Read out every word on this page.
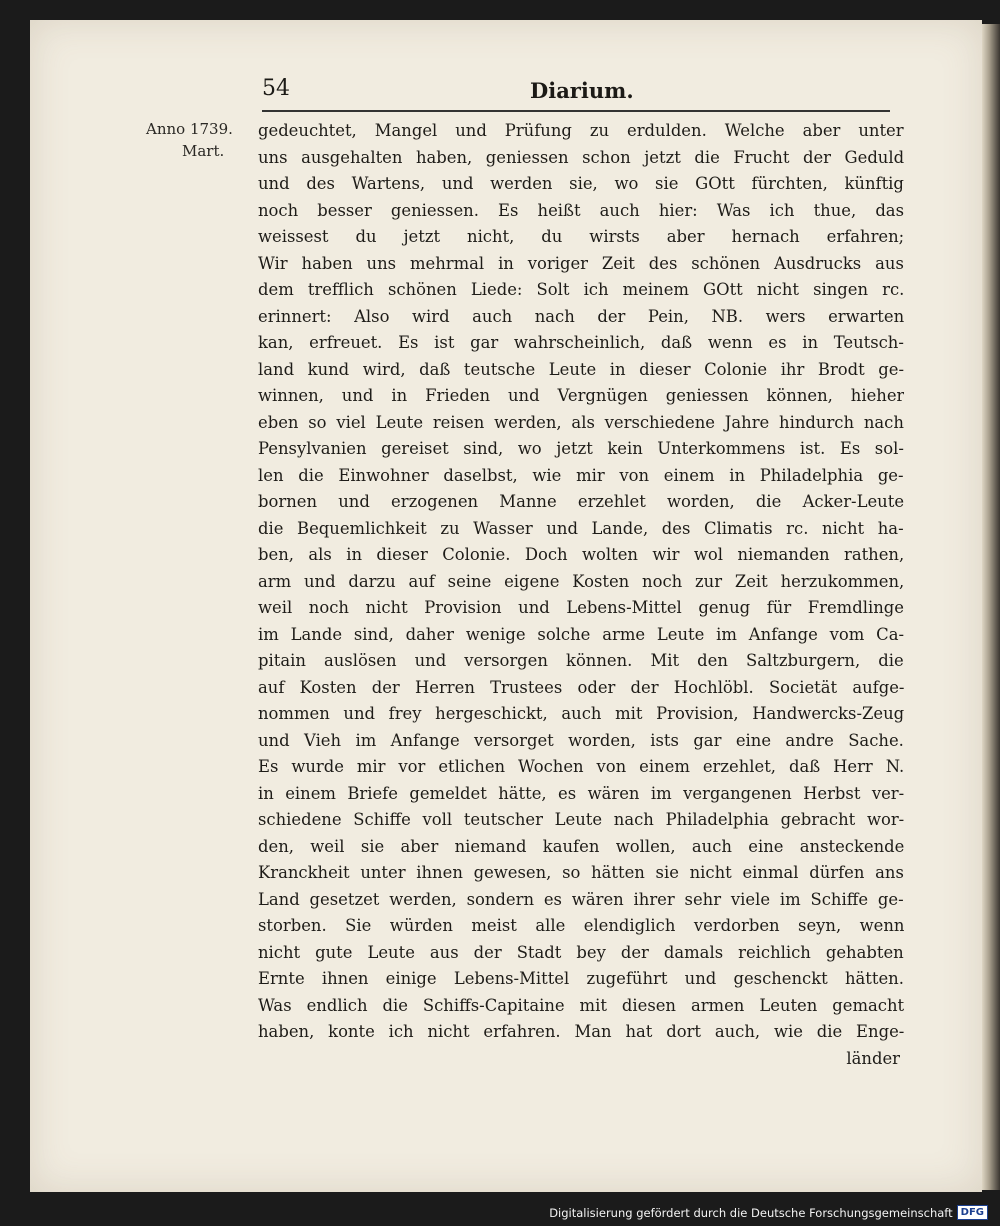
54	Diarium.
Anno 1739.
Mart.
gedeuchtet, Mangel und Prüfung zu erdulden. Welche aber unter
uns ausgehalten haben, geniessen schon jetzt die Frucht der Geduld
und des Wartens, und werden sie, wo sie GOtt fürchten, künftig
noch besser geniessen. Es heißt auch hier: Was ich thue, das
weissest du jetzt nicht, du wirsts aber hernach erfahren;
Wir haben uns mehrmal in voriger Zeit des schönen Ausdrucks aus
dem trefflich schönen Liede: Solt ich meinem GOtt nicht singen rc.
erinnert: Also wird auch nach der Pein, NB. wers erwarten
kan, erfreuet. Es ist gar wahrscheinlich, daß wenn es in Teutsch-
land kund wird, daß teutsche Leute in dieser Colonie ihr Brodt ge-
winnen, und in Frieden und Vergnügen geniessen können, hieher
eben so viel Leute reisen werden, als verschiedene Jahre hindurch nach
Pensylvanien gereiset sind, wo jetzt kein Unterkommens ist. Es sol-
len die Einwohner daselbst, wie mir von einem in Philadelphia ge-
bornen und erzogenen Manne erzehlet worden, die Acker-Leute
die Bequemlichkeit zu Wasser und Lande, des Climatis rc. nicht ha-
ben, als in dieser Colonie. Doch wolten wir wol niemanden rathen,
arm und darzu auf seine eigene Kosten noch zur Zeit herzukommen,
weil noch nicht Provision und Lebens-Mittel genug für Fremdlinge
im Lande sind, daher wenige solche arme Leute im Anfange vom Ca-
pitain auslösen und versorgen können. Mit den Saltzburgern, die
auf Kosten der Herren Trustees oder der Hochlöbl. Societät aufge-
nommen und frey hergeschickt, auch mit Provision, Handwercks-Zeug
und Vieh im Anfange versorget worden, ists gar eine andre Sache.
Es wurde mir vor etlichen Wochen von einem erzehlet, daß Herr N.
in einem Briefe gemeldet hätte, es wären im vergangenen Herbst ver-
schiedene Schiffe voll teutscher Leute nach Philadelphia gebracht wor-
den, weil sie aber niemand kaufen wollen, auch eine ansteckende
Kranckheit unter ihnen gewesen, so hätten sie nicht einmal dürfen ans
Land gesetzet werden, sondern es wären ihrer sehr viele im Schiffe ge-
storben. Sie würden meist alle elendiglich verdorben seyn, wenn
nicht gute Leute aus der Stadt bey der damals reichlich gehabten
Ernte ihnen einige Lebens-Mittel zugeführt und geschenckt hätten.
Was endlich die Schiffs-Capitaine mit diesen armen Leuten gemacht
haben, konte ich nicht erfahren. Man hat dort auch, wie die Enge-
länder
Digitalisierung gefördert durch die Deutsche Forschungsgemeinschaft DFG
